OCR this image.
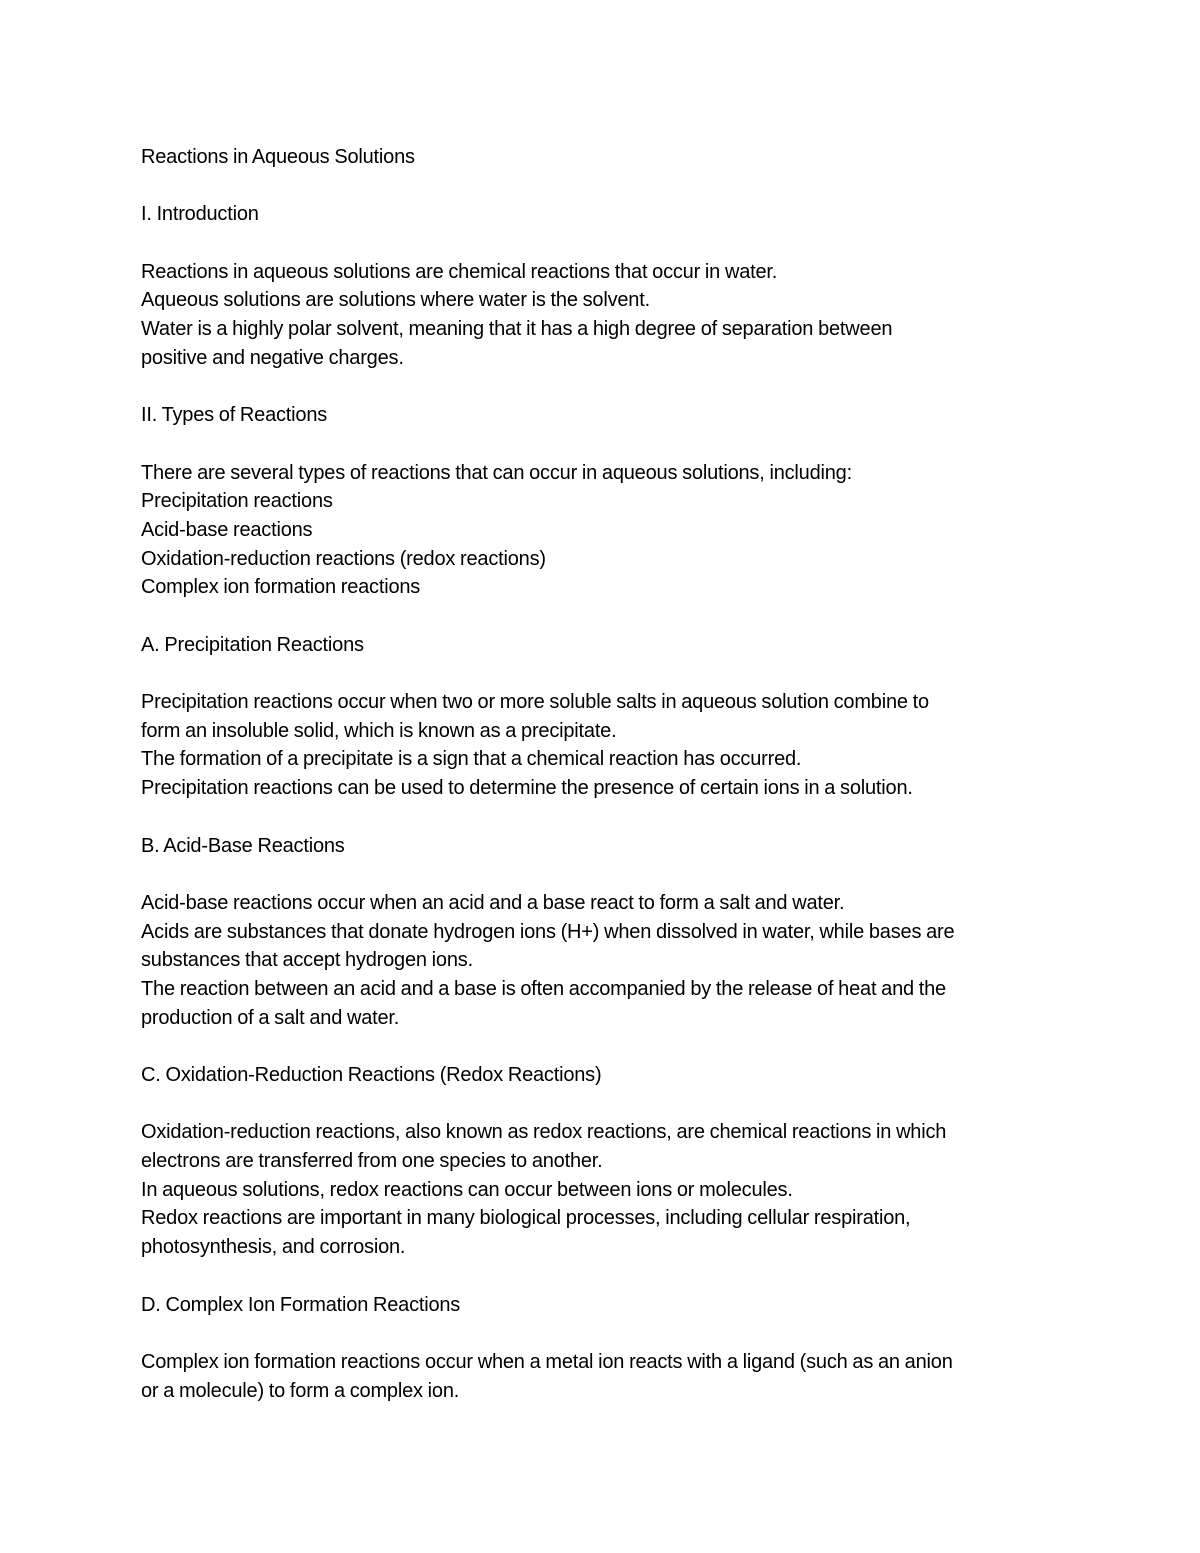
Reactions in Aqueous Solutions

I. Introduction

Reactions in aqueous solutions are chemical reactions that occur in water.

Aqueous solutions are solutions where water is the solvent.

Water is a highly polar solvent, meaning that it has a high degree of separation between

positive and negative charges.

II. Types of Reactions

There are several types of reactions that can occur in aqueous solutions, including:

Precipitation reactions

Acid-base reactions

Oxidation-reduction reactions (redox reactions)

Complex ion formation reactions

A. Precipitation Reactions

Precipitation reactions occur when two or more soluble salts in aqueous solution combine to

form an insoluble solid, which is known as a precipitate.

The formation of a precipitate is a sign that a chemical reaction has occurred.

Precipitation reactions can be used to determine the presence of certain ions in a solution.

B. Acid-Base Reactions

Acid-base reactions occur when an acid and a base react to form a salt and water.

Acids are substances that donate hydrogen ions (H+) when dissolved in water, while bases are

substances that accept hydrogen ions.

The reaction between an acid and a base is often accompanied by the release of heat and the

production of a salt and water.

C. Oxidation-Reduction Reactions (Redox Reactions)

Oxidation-reduction reactions, also known as redox reactions, are chemical reactions in which

electrons are transferred from one species to another.

In aqueous solutions, redox reactions can occur between ions or molecules.

Redox reactions are important in many biological processes, including cellular respiration,

photosynthesis, and corrosion.

D. Complex Ion Formation Reactions

Complex ion formation reactions occur when a metal ion reacts with a ligand (such as an anion

or a molecule) to form a complex ion.
